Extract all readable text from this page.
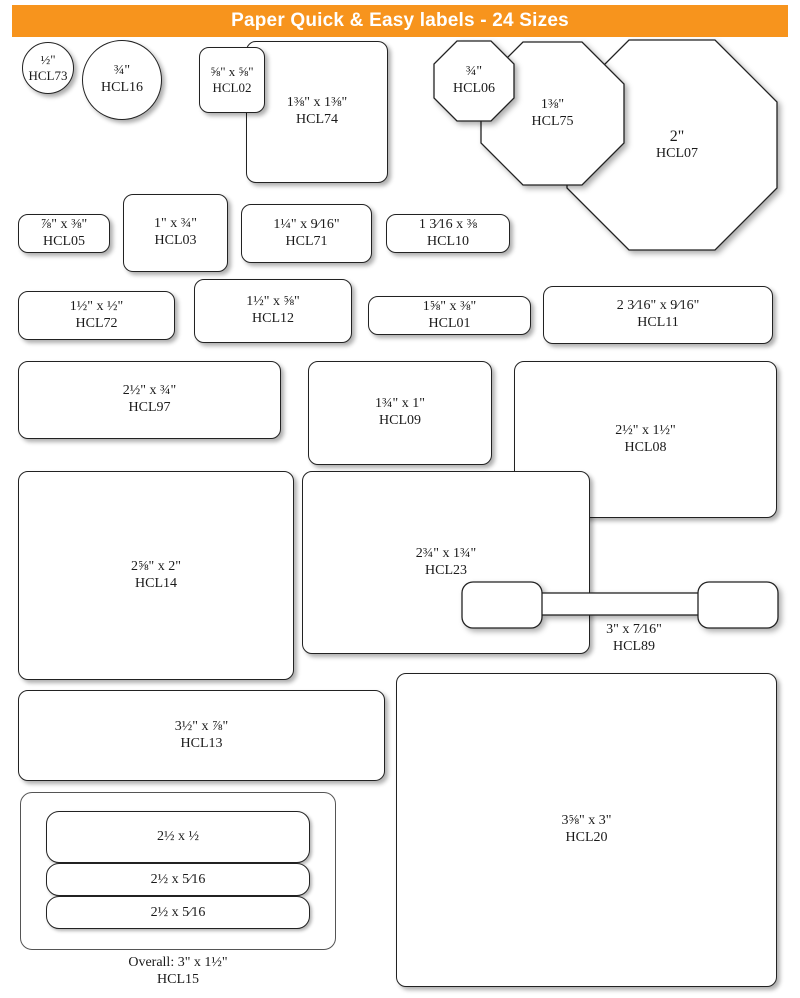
Paper Quick & Easy labels - 24 Sizes
½"
HCL73	¾"
HCL16
1⅜" x 1⅜"
HCL74
⅝" x ⅝"
HCL02
2"
HCL07
1⅜"
HCL75
¾"
HCL06
⅞" x ⅜"
HCL05
1" x ¾"
HCL03
1¼" x 9⁄16"
HCL71
1 3⁄16 x ⅜
HCL10
1½" x ½"
HCL72
1½" x ⅝"
HCL12
1⅝" x ⅜"
HCL01
2 3⁄16" x 9⁄16"
HCL11
2½" x ¾"
HCL97	1¾" x 1"
HCL09
2½" x 1½"
HCL08
2⅝" x 2"
HCL14
2¾" x 1¾"
HCL23
3" x 7⁄16"
HCL89
3½" x ⅞"
HCL13
3⅝" x 3"
HCL20
2½ x ½
2½ x 5⁄16
2½ x 5⁄16
Overall: 3" x 1½"
HCL15
